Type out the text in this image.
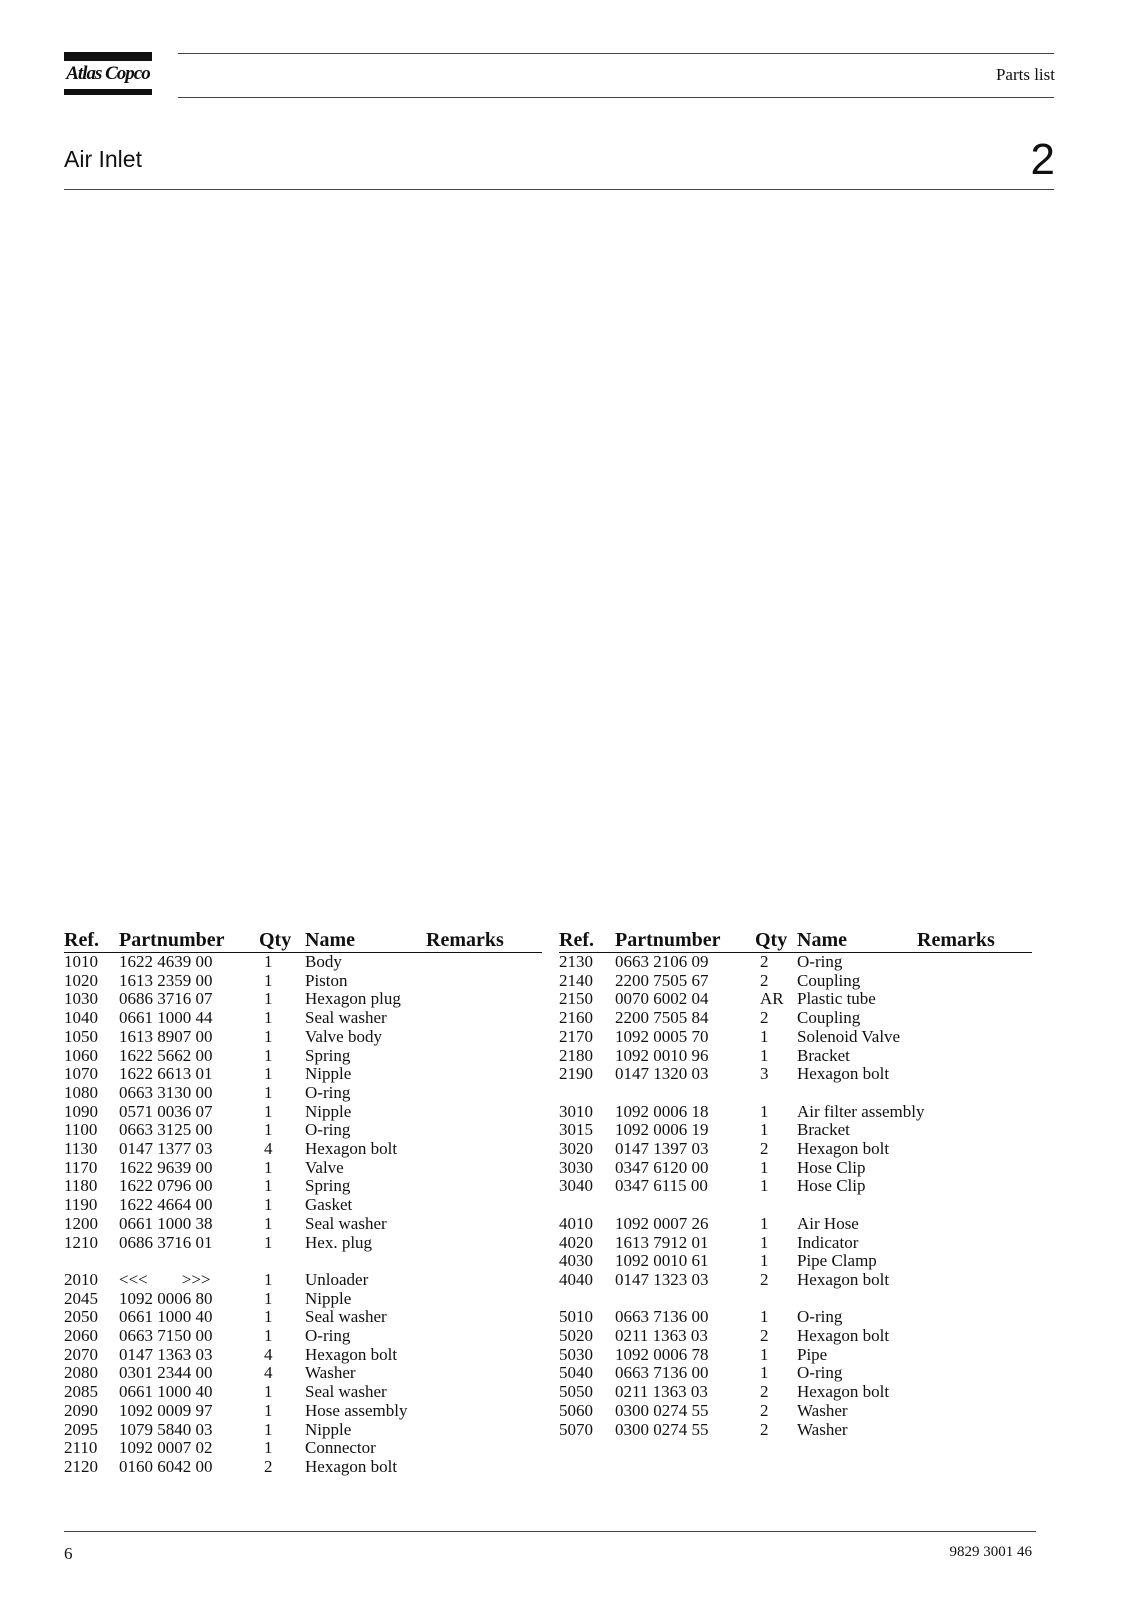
Atlas Copco	Parts list
Air Inlet	2
Ref.	Partnumber	Qty	Name	Remarks
1010	1622 4639 00	1	Body	
1020	1613 2359 00	1	Piston	
1030	0686 3716 07	1	Hexagon plug	
1040	0661 1000 44	1	Seal washer	
1050	1613 8907 00	1	Valve body	
1060	1622 5662 00	1	Spring	
1070	1622 6613 01	1	Nipple	
1080	0663 3130 00	1	O-ring	
1090	0571 0036 07	1	Nipple	
1100	0663 3125 00	1	O-ring	
1130	0147 1377 03	4	Hexagon bolt	
1170	1622 9639 00	1	Valve	
1180	1622 0796 00	1	Spring	
1190	1622 4664 00	1	Gasket	
1200	0661 1000 38	1	Seal washer	
1210	0686 3716 01	1	Hex. plug	

2010	<<<        >>>	1	Unloader	
2045	1092 0006 80	1	Nipple	
2050	0661 1000 40	1	Seal washer	
2060	0663 7150 00	1	O-ring	
2070	0147 1363 03	4	Hexagon bolt	
2080	0301 2344 00	4	Washer	
2085	0661 1000 40	1	Seal washer	
2090	1092 0009 97	1	Hose assembly	
2095	1079 5840 03	1	Nipple	
2110	1092 0007 02	1	Connector	
2120	0160 6042 00	2	Hexagon bolt	
Ref.	Partnumber	Qty	Name	Remarks
2130	0663 2106 09	2	O-ring	
2140	2200 7505 67	2	Coupling	
2150	0070 6002 04	AR	Plastic tube	
2160	2200 7505 84	2	Coupling	
2170	1092 0005 70	1	Solenoid Valve	
2180	1092 0010 96	1	Bracket	
2190	0147 1320 03	3	Hexagon bolt	

3010	1092 0006 18	1	Air filter assembly	
3015	1092 0006 19	1	Bracket	
3020	0147 1397 03	2	Hexagon bolt	
3030	0347 6120 00	1	Hose Clip	
3040	0347 6115 00	1	Hose Clip	

4010	1092 0007 26	1	Air Hose	
4020	1613 7912 01	1	Indicator	
4030	1092 0010 61	1	Pipe Clamp	
4040	0147 1323 03	2	Hexagon bolt	

5010	0663 7136 00	1	O-ring	
5020	0211 1363 03	2	Hexagon bolt	
5030	1092 0006 78	1	Pipe	
5040	0663 7136 00	1	O-ring	
5050	0211 1363 03	2	Hexagon bolt	
5060	0300 0274 55	2	Washer	
5070	0300 0274 55	2	Washer	
6	9829 3001 46
